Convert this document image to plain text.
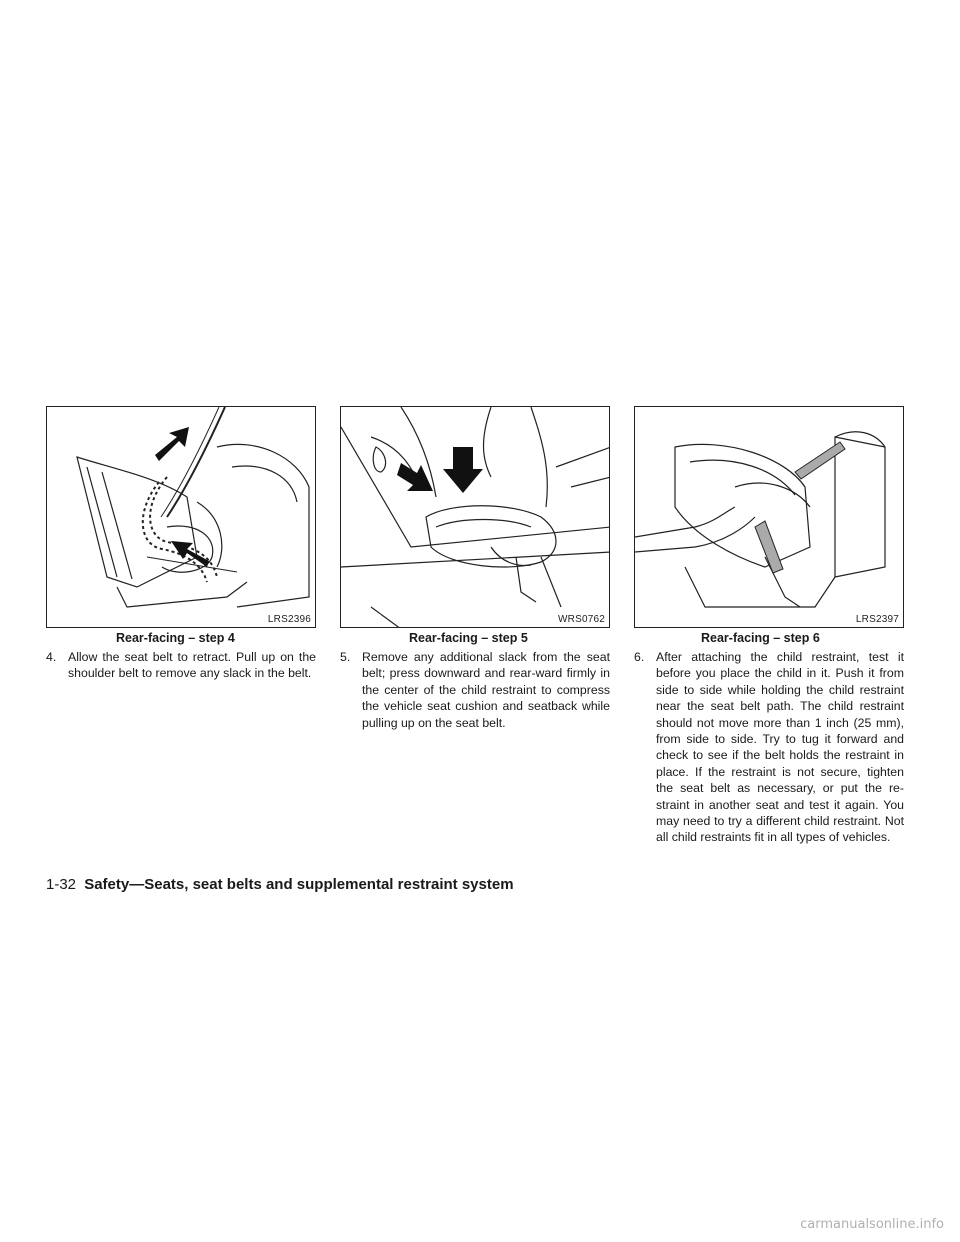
LRS2396
Rear-facing – step 4

4. Allow the seat belt to retract. Pull up on the shoulder belt to remove any slack in the belt.

WRS0762
Rear-facing – step 5

5. Remove any additional slack from the seat belt; press downward and rear-ward firmly in the center of the child restraint to compress the vehicle seat cushion and seatback while pulling up on the seat belt.

LRS2397
Rear-facing – step 6

6. After attaching the child restraint, test it before you place the child in it. Push it from side to side while holding the child restraint near the seat belt path. The child restraint should not move more than 1 inch (25 mm), from side to side. Try to tug it forward and check to see if the belt holds the restraint in place. If the restraint is not secure, tighten the seat belt as necessary, or put the re-straint in another seat and test it again. You may need to try a different child restraint. Not all child restraints fit in all types of vehicles.

1-32 Safety—Seats, seat belts and supplemental restraint system
carmanualsonline.info
